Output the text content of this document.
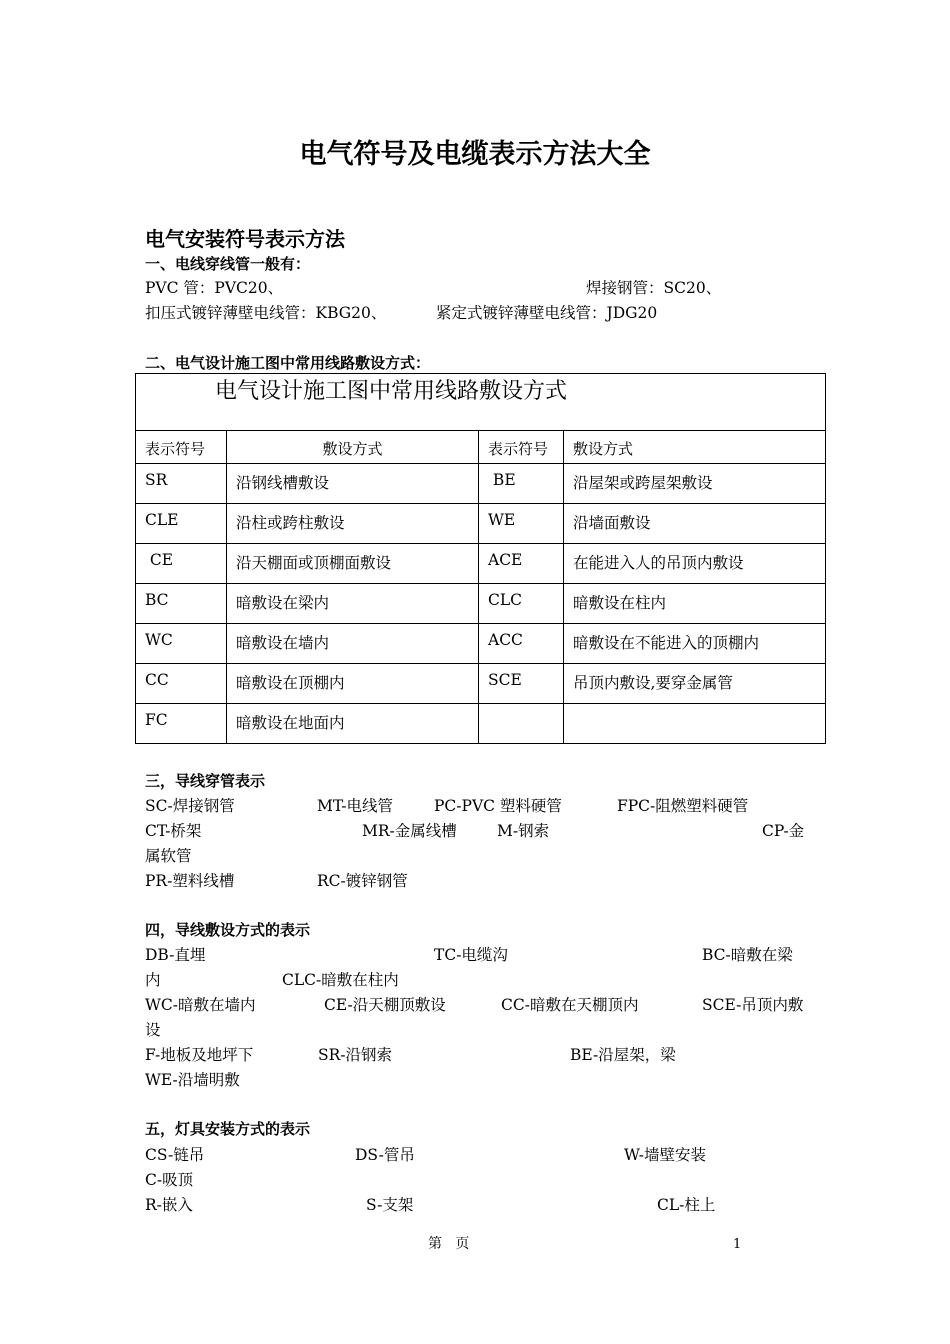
电气符号及电缆表示方法大全
电气安装符号表示方法
一、电线穿线管一般有：
PVC 管：PVC20、	焊接钢管：SC20、
扣压式镀锌薄壁电线管：KBG20、	紧定式镀锌薄壁电线管：JDG20
二、电气设计施工图中常用线路敷设方式：
电气设计施工图中常用线路敷设方式			

表示符号	敷设方式	表示符号	敷设方式
SR	沿钢线槽敷设	BE	沿屋架或跨屋架敷设
CLE	沿柱或跨柱敷设	WE	沿墙面敷设
CE	沿天棚面或顶棚面敷设	ACE	在能进入人的吊顶内敷设
BC	暗敷设在梁内	CLC	暗敷设在柱内
WC	暗敷设在墙内	ACC	暗敷设在不能进入的顶棚内
CC	暗敷设在顶棚内	SCE	吊顶内敷设,要穿金属管
FC	暗敷设在地面内		
三，导线穿管表示
SC-焊接钢管	MT-电线管	PC-PVC 塑料硬管	FPC-阻燃塑料硬管
CT-桥架	MR-金属线槽	M-钢索	CP-金
属软管
PR-塑料线槽	RC-镀锌钢管
四，导线敷设方式的表示
DB-直埋	TC-电缆沟	BC-暗敷在梁
内	CLC-暗敷在柱内
WC-暗敷在墙内	CE-沿天棚顶敷设	CC-暗敷在天棚顶内	SCE-吊顶内敷
设
F-地板及地坪下	SR-沿钢索	BE-沿屋架，梁
WE-沿墙明敷
五，灯具安装方式的表示
CS-链吊	DS-管吊	W-墙壁安装
C-吸顶
R-嵌入	S-支架	CL-柱上
第   页	1
